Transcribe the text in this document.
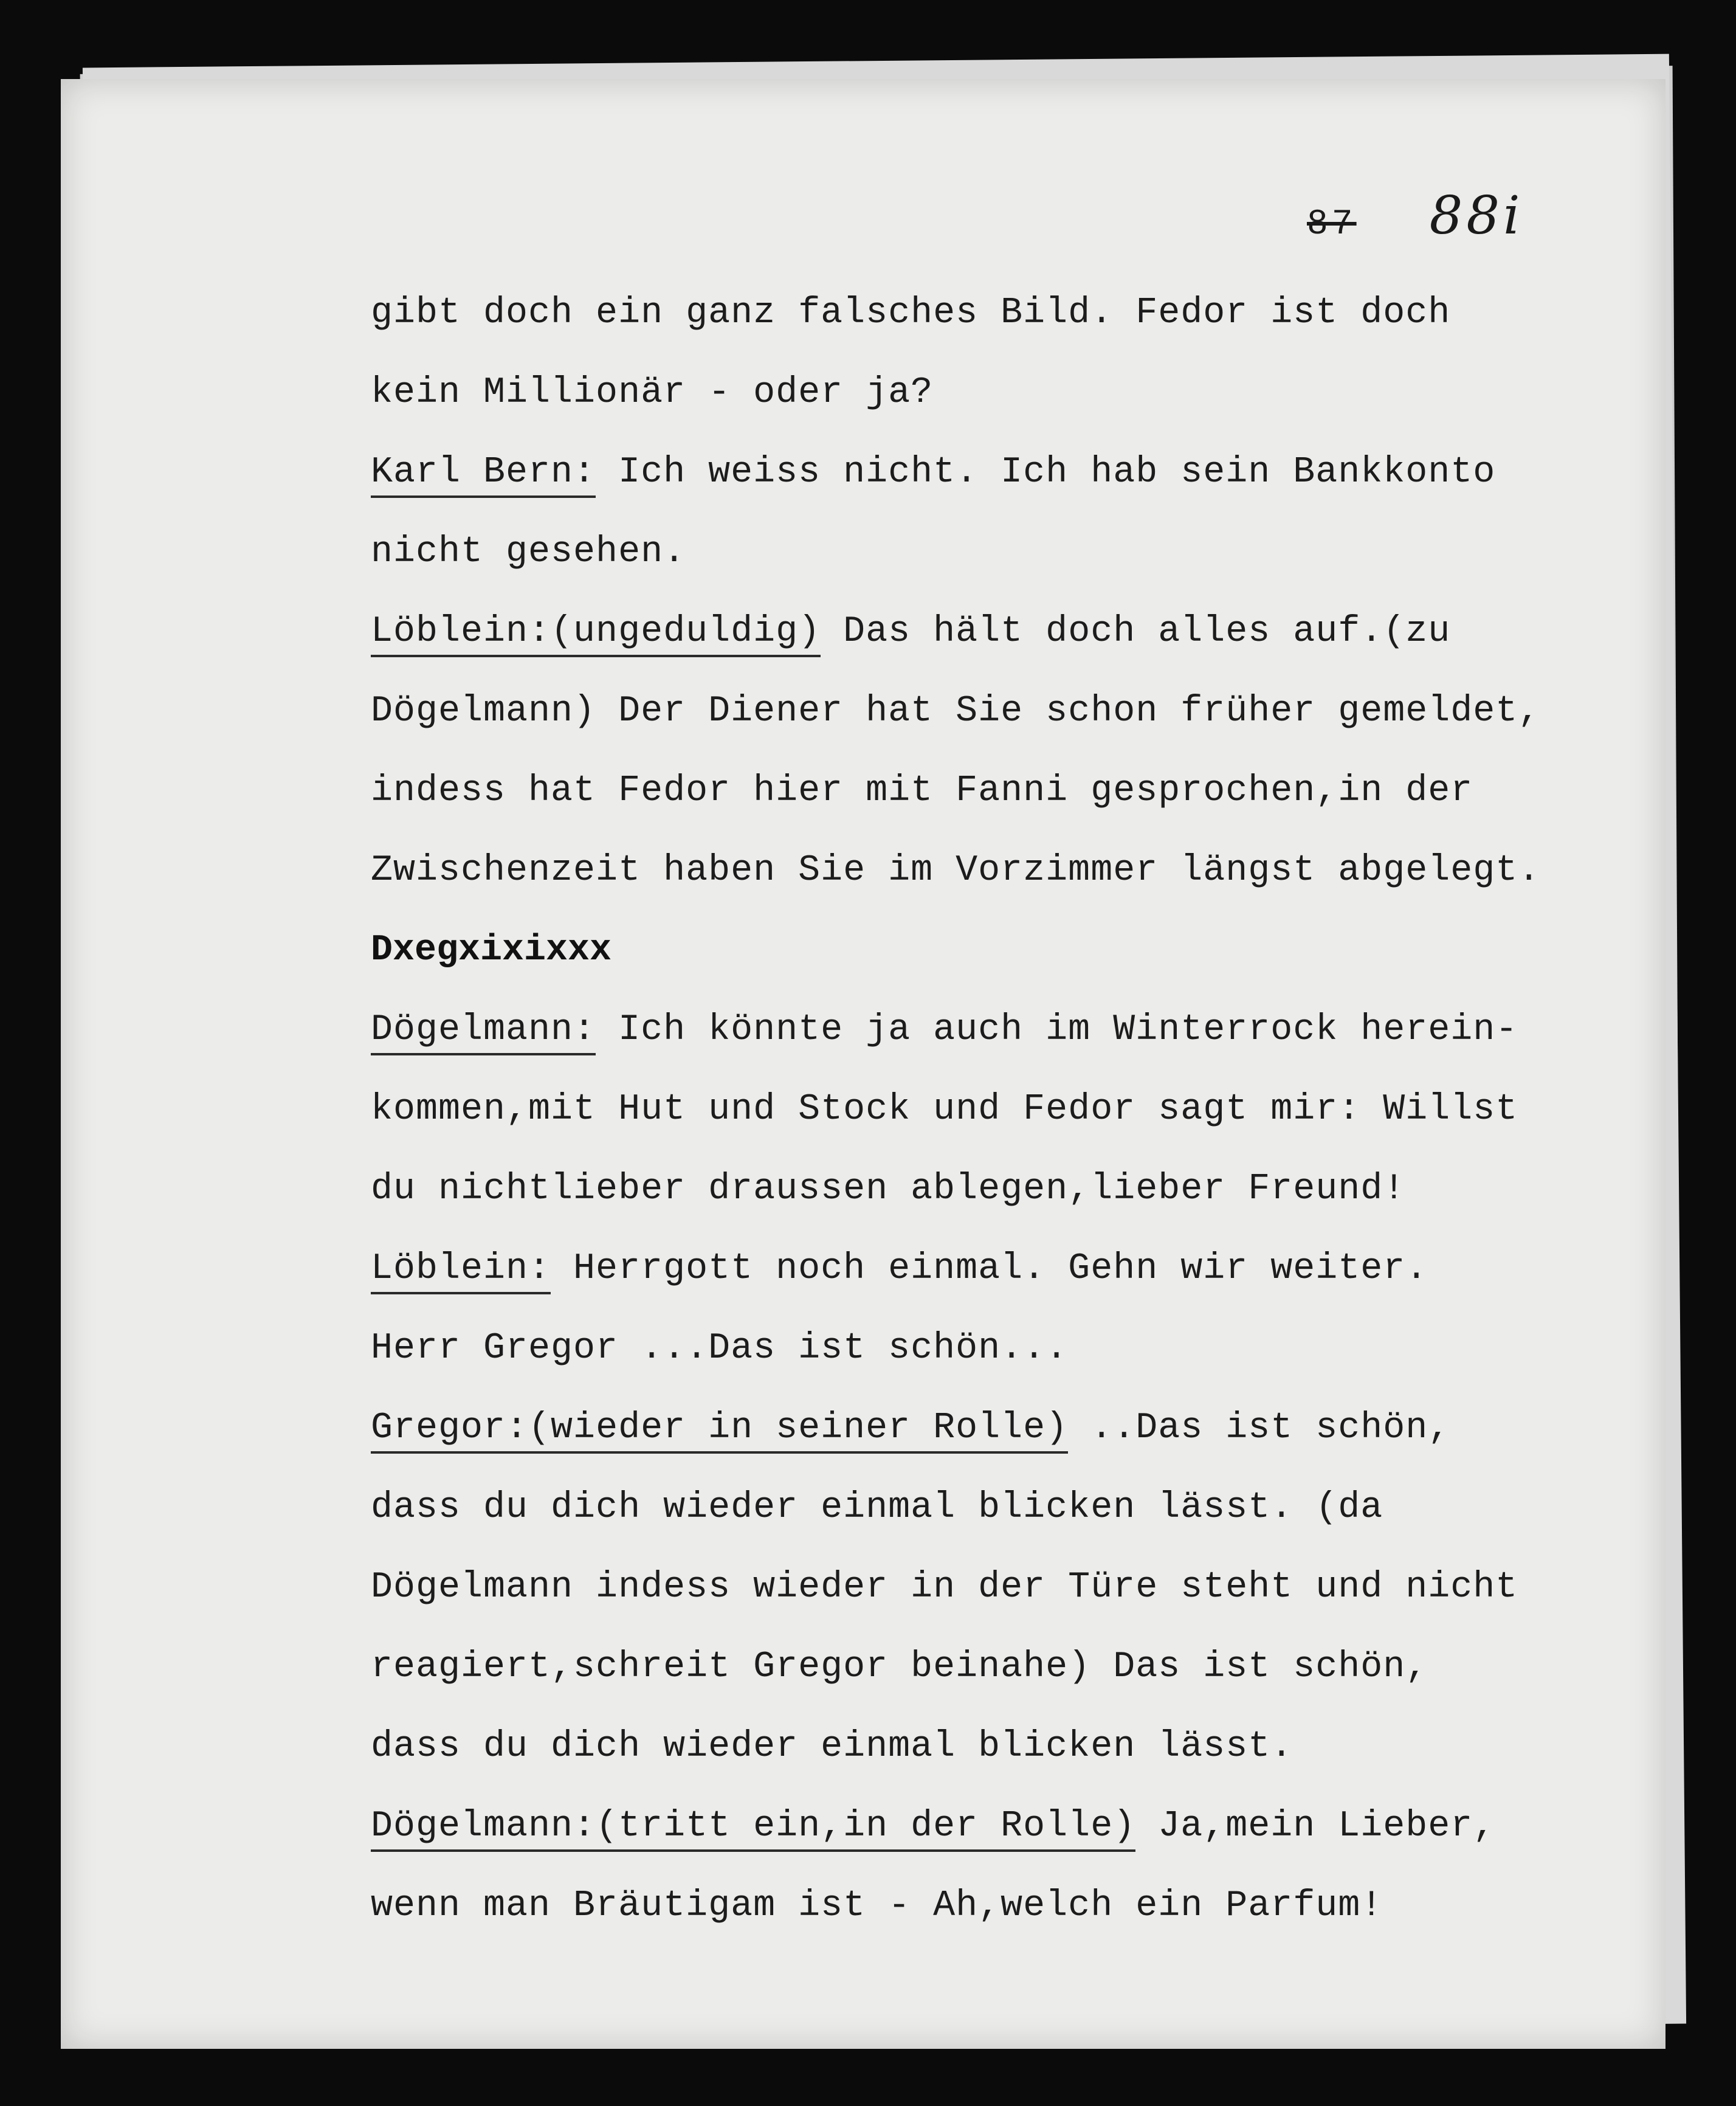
87 88i
gibt doch ein ganz falsches Bild. Fedor ist doch
kein Millionär - oder ja?
Karl Bern: Ich weiss nicht. Ich hab sein Bankkonto
nicht gesehen.
Löblein:(ungeduldig) Das hält doch alles auf.(zu
Dögelmann) Der Diener hat Sie schon früher gemeldet,
indess hat Fedor hier mit Fanni gesprochen,in der
Zwischenzeit haben Sie im Vorzimmer längst abgelegt.
Dxegxixixxx
Dögelmann: Ich könnte ja auch im Winterrock herein-
kommen,mit Hut und Stock und Fedor sagt mir: Willst
du nichtlieber draussen ablegen,lieber Freund!
Löblein: Herrgott noch einmal. Gehn wir weiter.
Herr Gregor ...Das ist schön...
Gregor:(wieder in seiner Rolle) ..Das ist schön,
dass du dich wieder einmal blicken lässt. (da
Dögelmann indess wieder in der Türe steht und nicht
reagiert,schreit Gregor beinahe) Das ist schön,
dass du dich wieder einmal blicken lässt.
Dögelmann:(tritt ein,in der Rolle) Ja,mein Lieber,
wenn man Bräutigam ist - Ah,welch ein Parfum!
